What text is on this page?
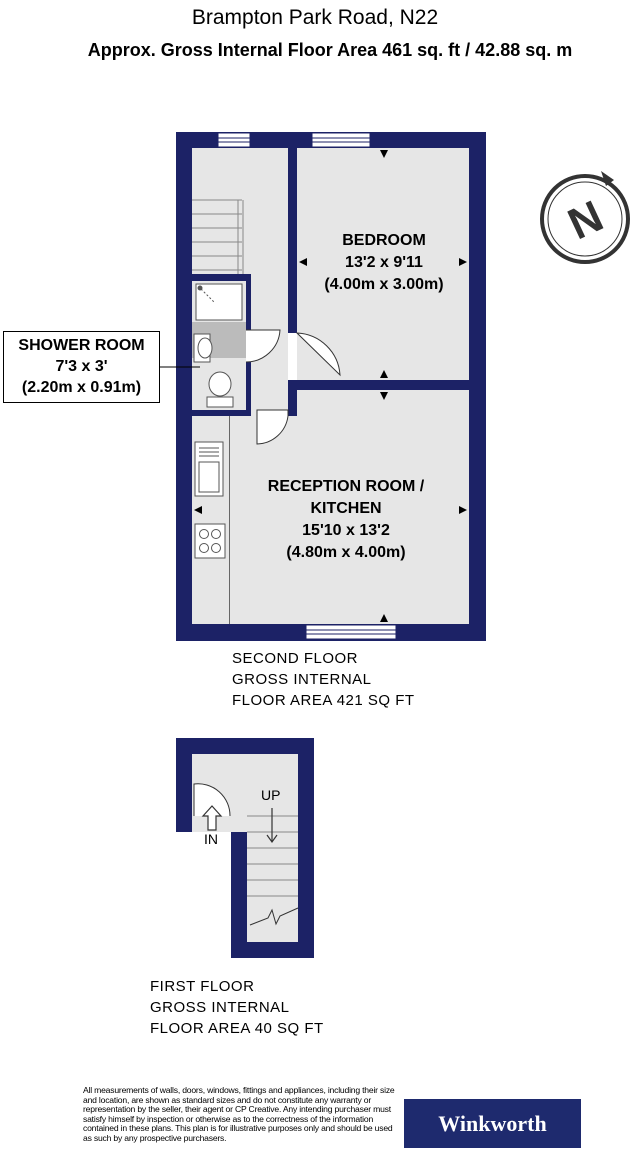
Brampton Park Road, N22
Approx. Gross Internal Floor Area 461 sq. ft / 42.88 sq. m
N
BEDROOM
13'2 x 9'11
(4.00m x 3.00m)
RECEPTION ROOM /
KITCHEN
15'10 x 13'2
(4.80m x 4.00m)
SHOWER ROOM
7'3 x 3'
(2.20m x 0.91m)
SECOND FLOOR
GROSS INTERNAL
FLOOR AREA 421 SQ FT
UP
IN
FIRST FLOOR
GROSS INTERNAL
FLOOR AREA 40 SQ FT
All measurements of walls, doors, windows, fittings and appliances, including their size and location, are shown as standard sizes and do not constitute any warranty or representation by the seller, their agent or CP Creative. Any intending purchaser must satisfy himself by inspection or otherwise as to the correctness of the information contained in these plans. This plan is for illustrative purposes only and should be used as such by any prospective purchasers.
Winkworth
